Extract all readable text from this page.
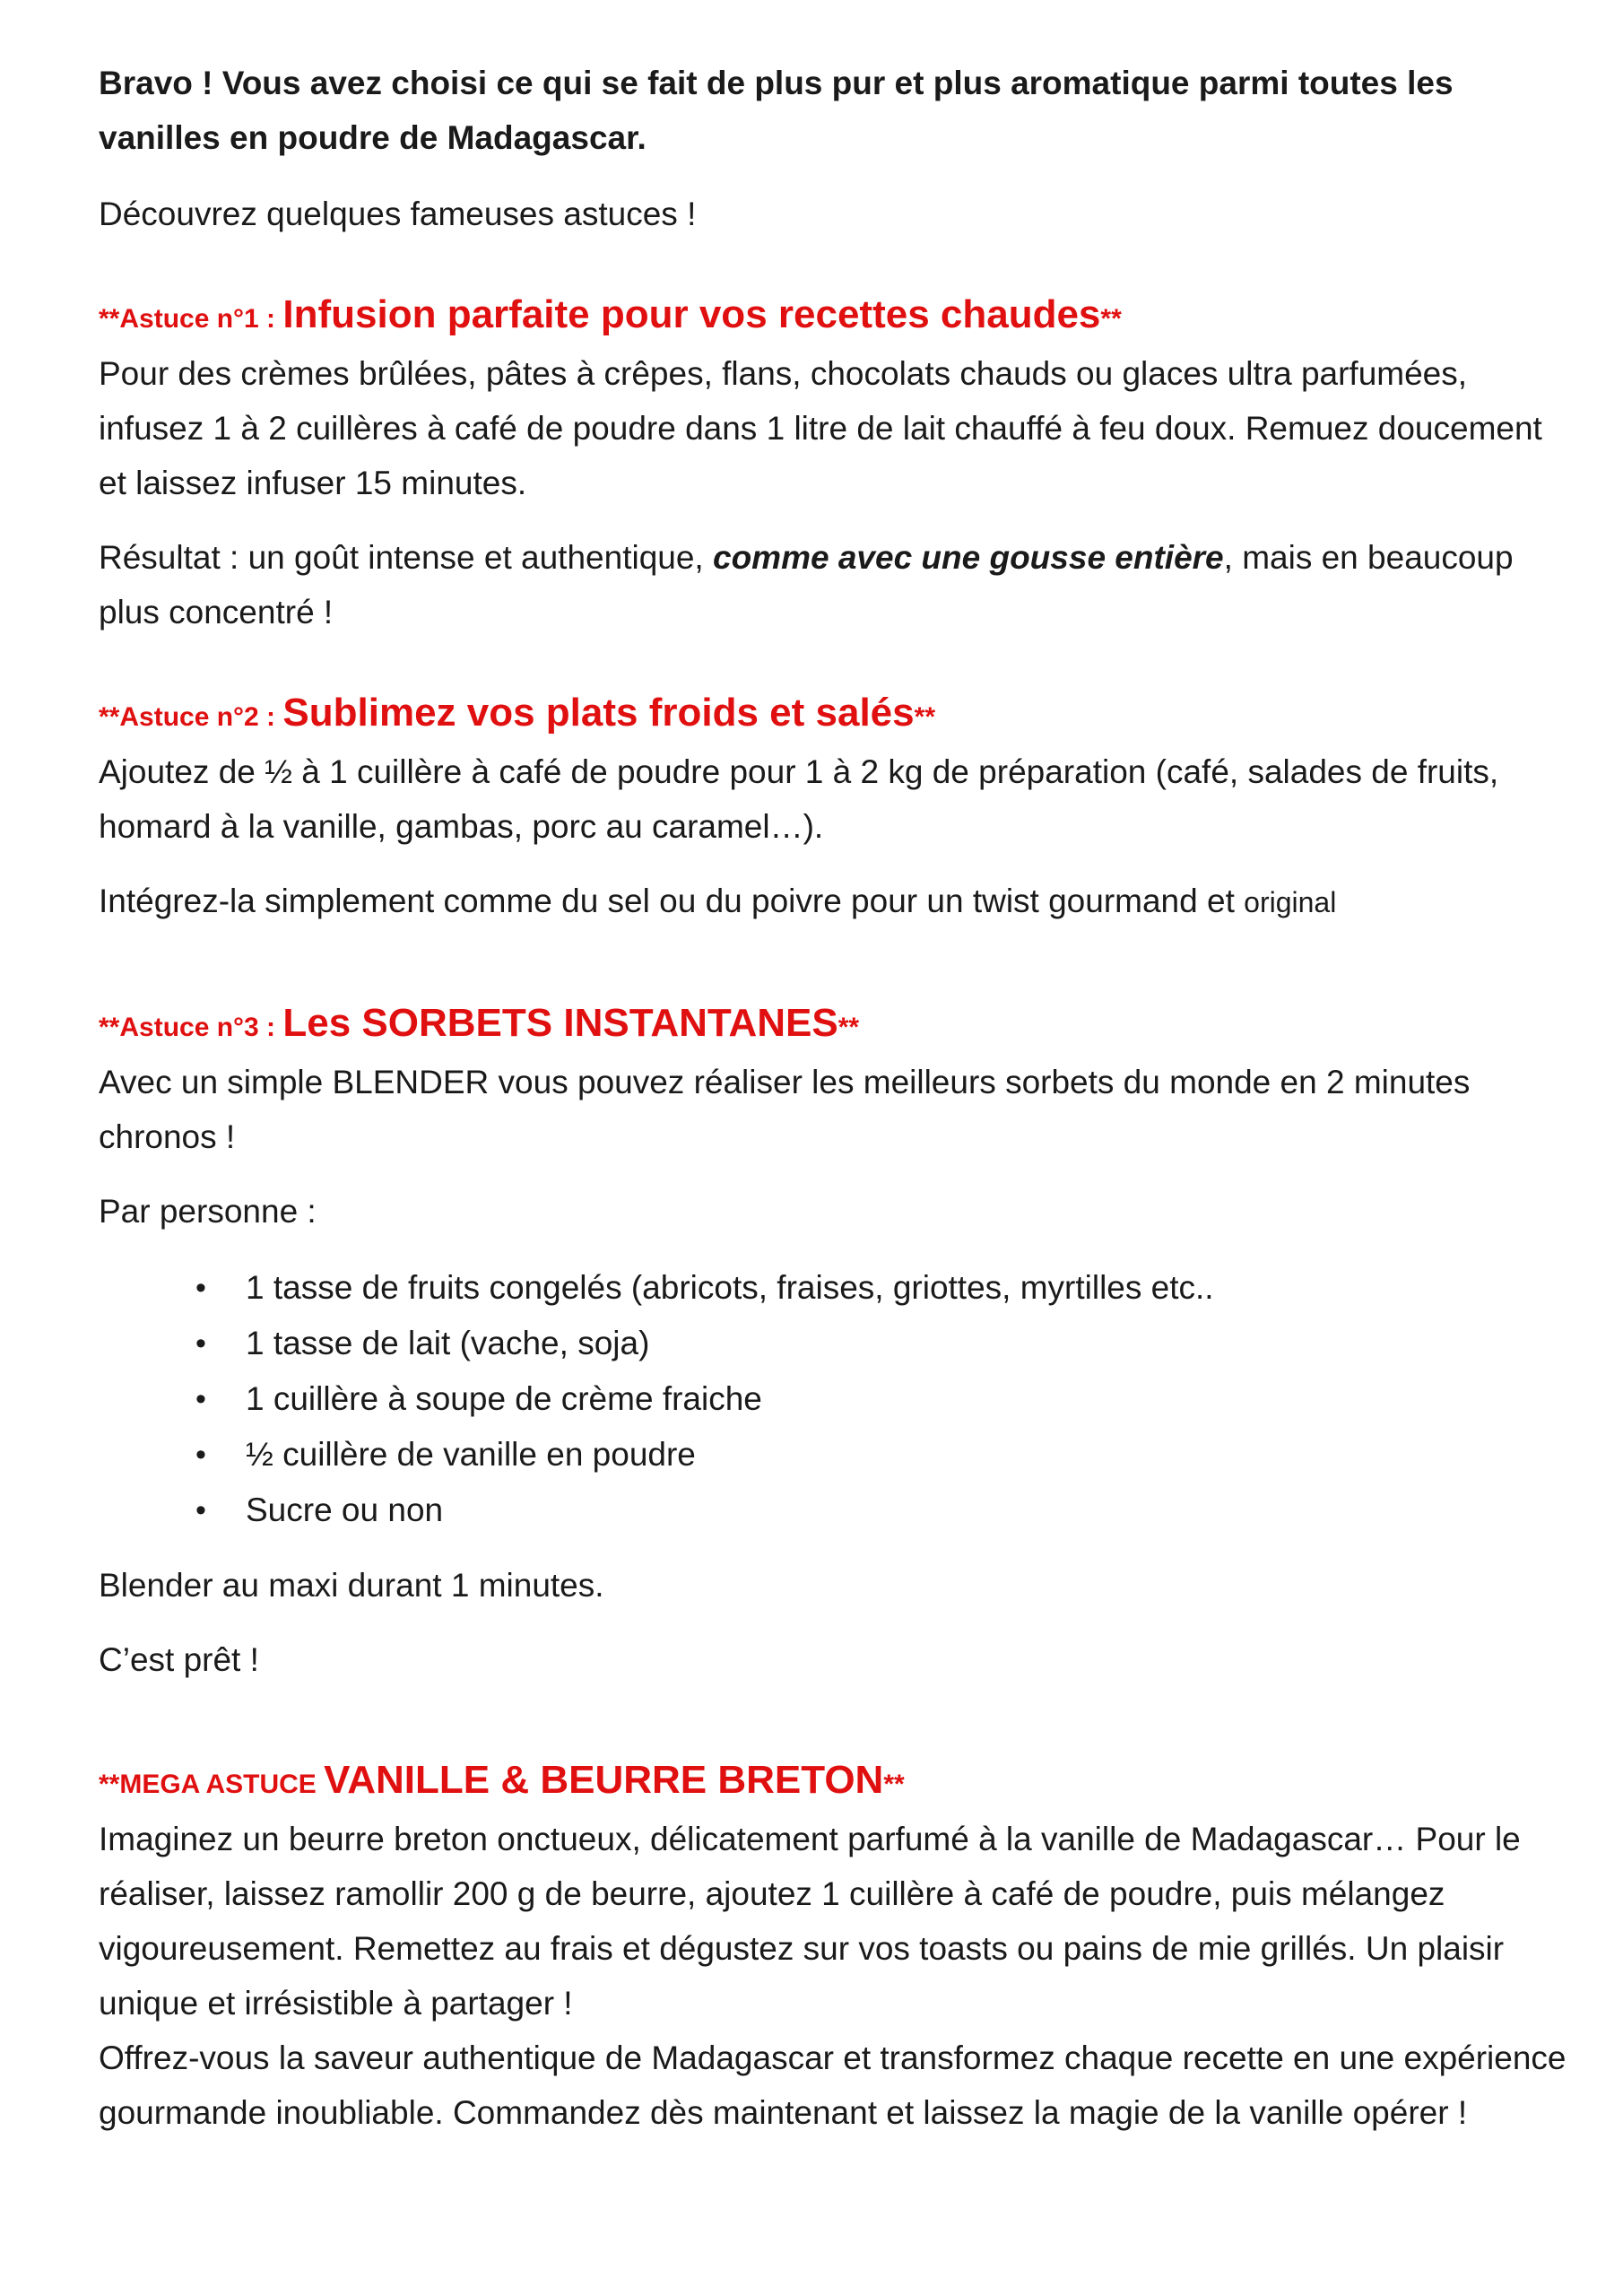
Bravo ! Vous avez choisi ce qui se fait de plus pur et plus aromatique parmi toutes les vanilles en poudre de Madagascar.

Découvrez quelques fameuses astuces !

**Astuce n°1 : Infusion parfaite pour vos recettes chaudes**

Pour des crèmes brûlées, pâtes à crêpes, flans, chocolats chauds ou glaces ultra parfumées, infusez 1 à 2 cuillères à café de poudre dans 1 litre de lait chauffé à feu doux. Remuez doucement et laissez infuser 15 minutes.

Résultat : un goût intense et authentique, comme avec une gousse entière, mais en beaucoup plus concentré !

**Astuce n°2 : Sublimez vos plats froids et salés**

Ajoutez de ½ à 1 cuillère à café de poudre pour 1 à 2 kg de préparation (café, salades de fruits, homard à la vanille, gambas, porc au caramel…).

Intégrez-la simplement comme du sel ou du poivre pour un twist gourmand et original

**Astuce n°3 : Les SORBETS INSTANTANES**

Avec un simple BLENDER vous pouvez réaliser les meilleurs sorbets du monde en 2 minutes chronos !

Par personne :

• 1 tasse de fruits congelés (abricots, fraises, griottes, myrtilles etc..
• 1 tasse de lait (vache, soja)
• 1 cuillère à soupe de crème fraiche
• ½ cuillère de vanille en poudre
• Sucre ou non

Blender au maxi durant 1 minutes.

C’est prêt !

**MEGA ASTUCE VANILLE & BEURRE BRETON**

Imaginez un beurre breton onctueux, délicatement parfumé à la vanille de Madagascar… Pour le réaliser, laissez ramollir 200 g de beurre, ajoutez 1 cuillère à café de poudre, puis mélangez vigoureusement. Remettez au frais et dégustez sur vos toasts ou pains de mie grillés. Un plaisir unique et irrésistible à partager !

Offrez-vous la saveur authentique de Madagascar et transformez chaque recette en une expérience gourmande inoubliable. Commandez dès maintenant et laissez la magie de la vanille opérer !
